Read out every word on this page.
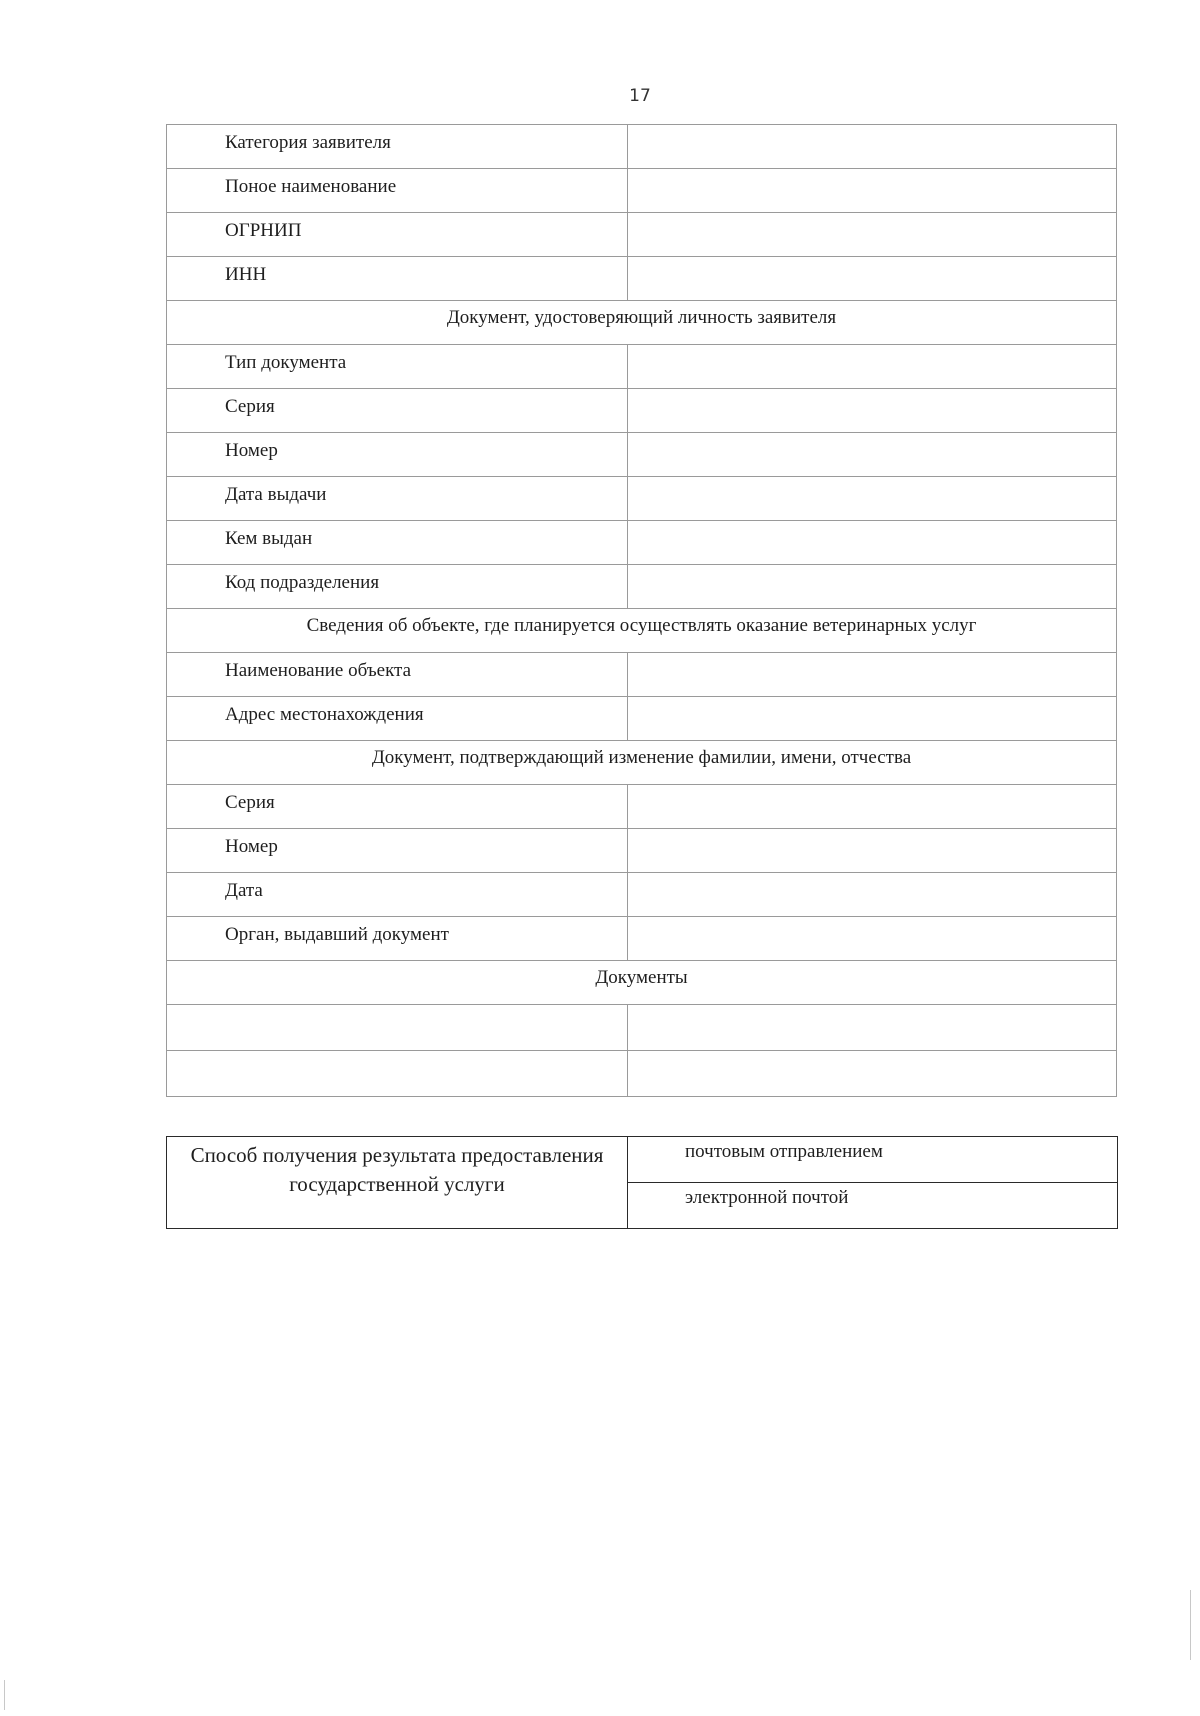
17
Категория заявителя	
Поное наименование	
ОГРНИП	
ИНН	
Документ, удостоверяющий личность заявителя	
Тип документа	
Серия	
Номер	
Дата выдачи	
Кем выдан	
Код подразделения	
Сведения об объекте, где планируется осуществлять оказание ветеринарных услуг	
Наименование объекта	
Адрес местонахождения	
Документ, подтверждающий изменение фамилии, имени, отчества	
Серия	
Номер	
Дата	
Орган, выдавший документ	
Документы	

Способ получения результата предоставления государственной услуги	почтовым отправлением
электронной почтой
